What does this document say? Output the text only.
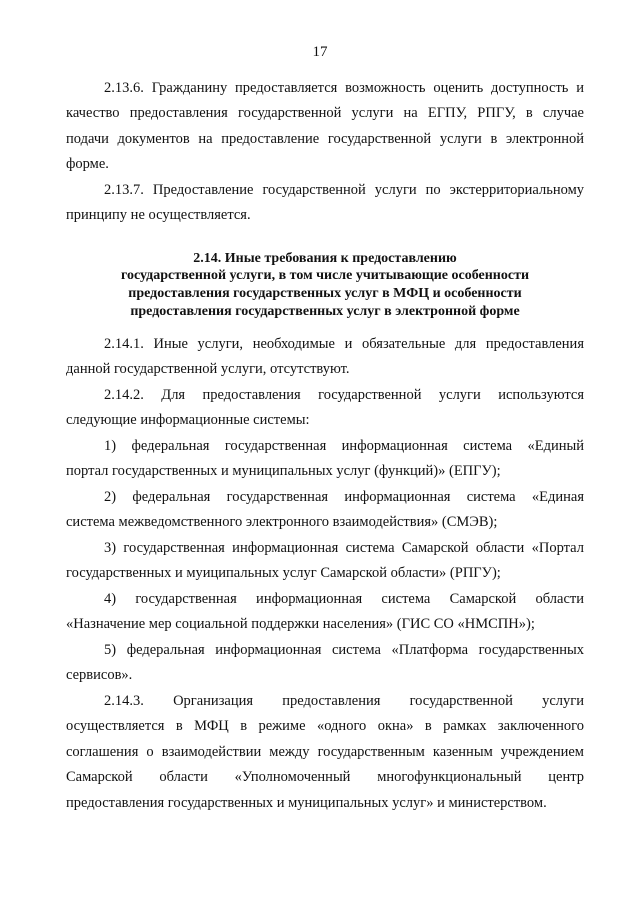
17
2.13.6. Гражданину предоставляется возможность оценить доступность и
качество предоставления государственной услуги на ЕГПУ, РПГУ, в случае
подачи документов на предоставление государственной услуги в электронной
форме.
2.13.7. Предоставление государственной услуги по экстерриториальному
принципу не осуществляется.
2.14. Иные требования к предоставлению
государственной услуги, в том числе учитывающие особенности
предоставления государственных услуг в МФЦ и особенности
предоставления государственных услуг в электронной форме
2.14.1. Иные услуги, необходимые и обязательные для предоставления
данной государственной услуги, отсутствуют.
2.14.2. Для предоставления государственной услуги используются
следующие информационные системы:
1) федеральная государственная информационная система «Единый
портал государственных и муниципальных услуг (функций)» (ЕПГУ);
2) федеральная государственная информационная система «Единая
система межведомственного электронного взаимодействия» (СМЭВ);
3) государственная информационная система Самарской области «Портал
государственных и муиципальных услуг Самарской области» (РПГУ);
4) государственная информационная система Самарской области
«Назначение мер социальной поддержки населения» (ГИС СО «НМСПН»);
5) федеральная информационная система «Платформа государственных
сервисов».
2.14.3. Организация предоставления государственной услуги
осуществляется в МФЦ в режиме «одного окна» в рамках заключенного
соглашения о взаимодействии между государственным казенным учреждением
Самарской области «Уполномоченный многофункциональный центр
предоставления государственных и муниципальных услуг» и министерством.
